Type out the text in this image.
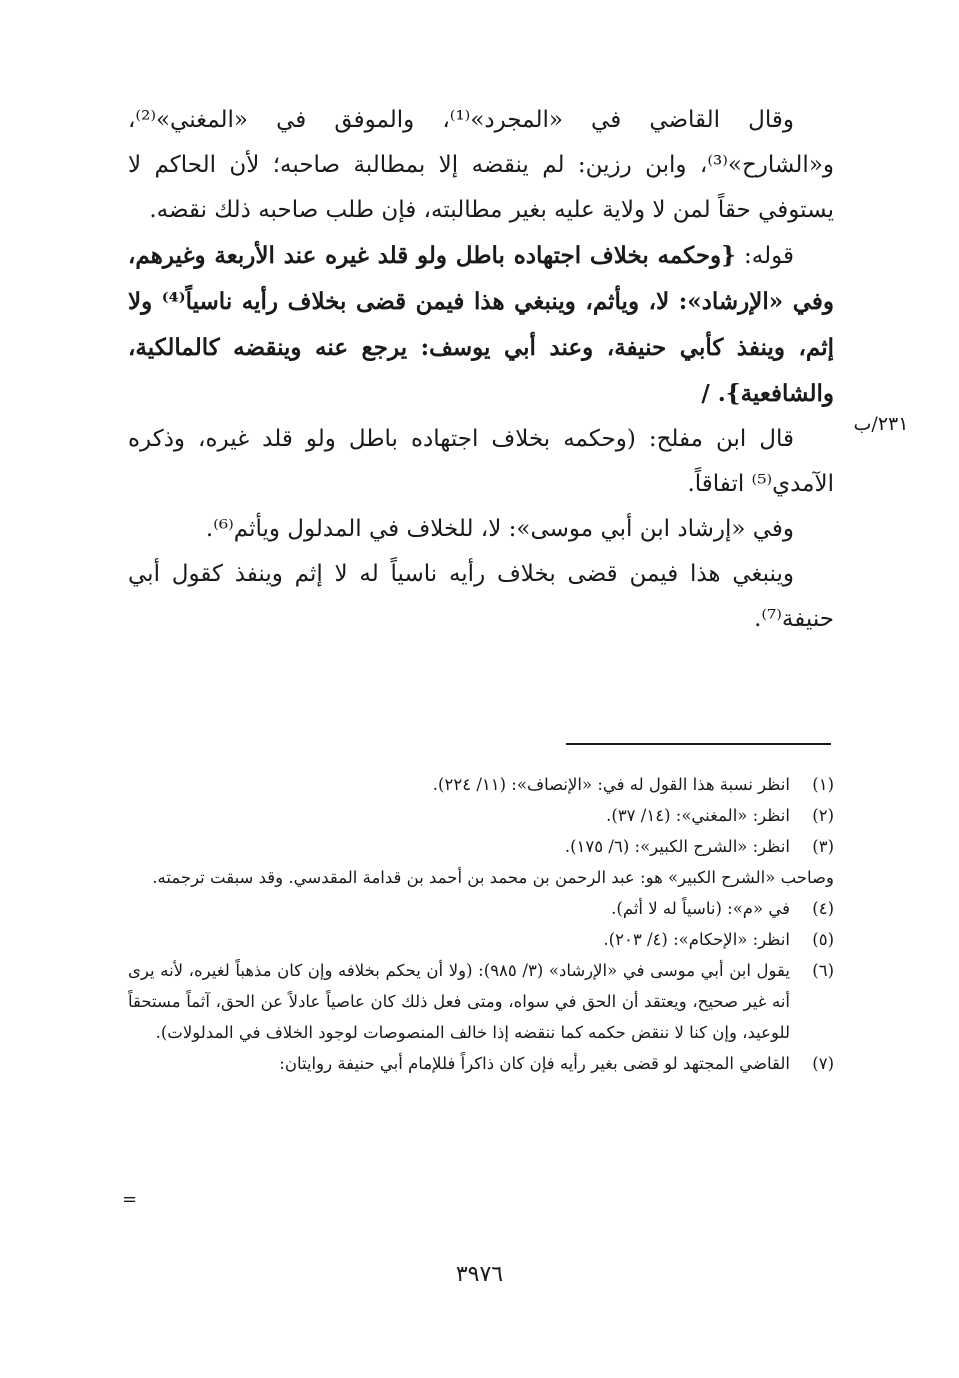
وقال القاضي في «المجرد»⁽¹⁾، والموفق في «المغني»⁽²⁾، و«الشارح»⁽³⁾، وابن رزين: لم ينقضه إلا بمطالبة صاحبه؛ لأن الحاكم لا يستوفي حقاً لمن لا ولاية عليه بغير مطالبته، فإن طلب صاحبه ذلك نقضه.

قوله: {وحكمه بخلاف اجتهاده باطل ولو قلد غيره عند الأربعة وغيرهم، وفي «الإرشاد»: لا، ويأثم، وينبغي هذا فيمن قضى بخلاف رأيه ناسياً⁽⁴⁾ ولا إثم، وينفذ كأبي حنيفة، وعند أبي يوسف: يرجع عنه وينقضه كالمالكية، والشافعية}. /

قال ابن مفلح: (وحكمه بخلاف اجتهاده باطل ولو قلد غيره، وذكره الآمدي⁽⁵⁾ اتفاقاً.

وفي «إرشاد ابن أبي موسى»: لا، للخلاف في المدلول ويأثم⁽⁶⁾.

وينبغي هذا فيمن قضى بخلاف رأيه ناسياً له لا إثم وينفذ كقول أبي حنيفة⁽⁷⁾.

٢٣١/ب
(١)
انظر نسبة هذا القول له في: «الإنصاف»: (١١/ ٢٢٤).
(٢)
انظر: «المغني»: (١٤/ ٣٧).
(٣)
انظر: «الشرح الكبير»: (٦/ ١٧٥).
وصاحب «الشرح الكبير» هو: عبد الرحمن بن محمد بن أحمد بن قدامة المقدسي. وقد سبقت ترجمته.
(٤)
في «م»: (ناسياً له لا أثم).
(٥)
انظر: «الإحكام»: (٤/ ٢٠٣).
(٦)
يقول ابن أبي موسى في «الإرشاد» (٣/ ٩٨٥): (ولا أن يحكم بخلافه وإن كان مذهباً لغيره، لأنه يرى أنه غير صحيح، ويعتقد أن الحق في سواه، ومتى فعل ذلك كان عاصياً عادلاً عن الحق، آثماً مستحقاً للوعيد، وإن كنا لا ننقض حكمه كما ننقضه إذا خالف المنصوصات لوجود الخلاف في المدلولات).
(٧)
القاضي المجتهد لو قضى بغير رأيه فإن كان ذاكراً فللإمام أبي حنيفة روايتان:
=
٣٩٧٦
